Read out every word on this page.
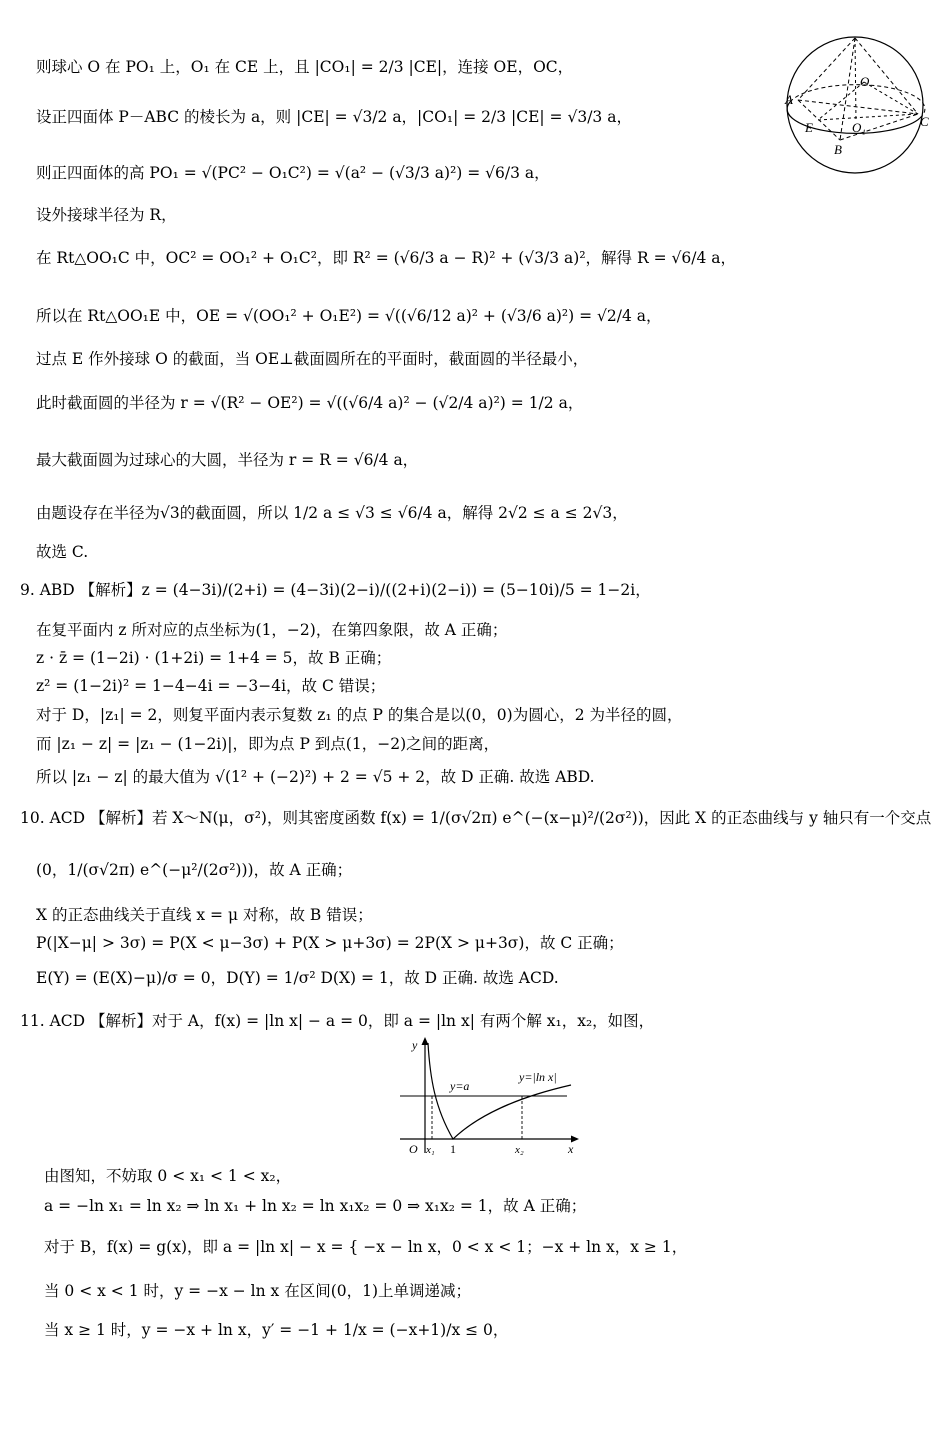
则球心 O 在 PO₁ 上，O₁ 在 CE 上，且 |CO₁| = 2/3 |CE|，连接 OE，OC，
设正四面体 P－ABC 的棱长为 a，则 |CE| = √3/2 a，|CO₁| = 2/3 |CE| = √3/3 a，
则正四面体的高 PO₁ = √(PC² − O₁C²) = √(a² − (√3/3 a)²) = √6/3 a，
设外接球半径为 R，
在 Rt△OO₁C 中，OC² = OO₁² + O₁C²，即 R² = (√6/3 a − R)² + (√3/3 a)²，解得 R = √6/4 a，
所以在 Rt△OO₁E 中，OE = √(OO₁² + O₁E²) = √((√6/12 a)² + (√3/6 a)²) = √2/4 a，
过点 E 作外接球 O 的截面，当 OE⊥截面圆所在的平面时，截面圆的半径最小，
此时截面圆的半径为 r = √(R² − OE²) = √((√6/4 a)² − (√2/4 a)²) = 1/2 a，
最大截面圆为过球心的大圆，半径为 r = R = √6/4 a，
由题设存在半径为√3的截面圆，所以 1/2 a ≤ √3 ≤ √6/4 a，解得 2√2 ≤ a ≤ 2√3，
故选 C.
9. ABD 【解析】z = (4−3i)/(2+i) = (4−3i)(2−i)/((2+i)(2−i)) = (5−10i)/5 = 1−2i，
在复平面内 z 所对应的点坐标为(1，−2)，在第四象限，故 A 正确；
z · z̄ = (1−2i) · (1+2i) = 1+4 = 5，故 B 正确；
z² = (1−2i)² = 1−4−4i = −3−4i，故 C 错误；
对于 D，|z₁| = 2，则复平面内表示复数 z₁ 的点 P 的集合是以(0，0)为圆心，2 为半径的圆，
而 |z₁ − z| = |z₁ − (1−2i)|，即为点 P 到点(1，−2)之间的距离，
所以 |z₁ − z| 的最大值为 √(1² + (−2)²) + 2 = √5 + 2，故 D 正确. 故选 ABD.
10. ACD 【解析】若 X～N(μ，σ²)，则其密度函数 f(x) = 1/(σ√2π) e^(−(x−μ)²/(2σ²))，因此 X 的正态曲线与 y 轴只有一个交点
(0，1/(σ√2π) e^(−μ²/(2σ²)))，故 A 正确；
X 的正态曲线关于直线 x = μ 对称，故 B 错误；
P(|X−μ| > 3σ) = P(X < μ−3σ) + P(X > μ+3σ) = 2P(X > μ+3σ)，故 C 正确；
E(Y) = (E(X)−μ)/σ = 0，D(Y) = 1/σ² D(X) = 1，故 D 正确. 故选 ACD.
11. ACD 【解析】对于 A，f(x) = |ln x| − a = 0，即 a = |ln x| 有两个解 x₁，x₂，如图，
y
y=a
y=|ln x|
O x₁ 1	x₂	x
由图知，不妨取 0 < x₁ < 1 < x₂，
a = −ln x₁ = ln x₂ ⇒ ln x₁ + ln x₂ = ln x₁x₂ = 0 ⇒ x₁x₂ = 1，故 A 正确；
对于 B，f(x) = g(x)，即 a = |ln x| − x = { −x − ln x，0 < x < 1；−x + ln x，x ≥ 1，
当 0 < x < 1 时，y = −x − ln x 在区间(0，1)上单调递减；
当 x ≥ 1 时，y = −x + ln x，y′ = −1 + 1/x = (−x+1)/x ≤ 0，
O
A
E	O₁	C
B
